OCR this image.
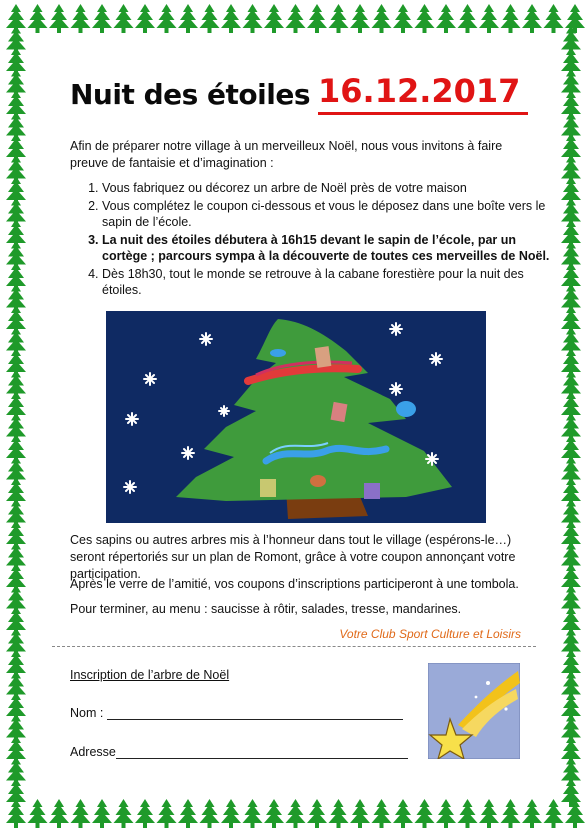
Nuit des étoiles 16.12.2017
Afin de préparer notre village à un merveilleux Noël, nous vous invitons à faire preuve de fantaisie et d’imagination :
1. Vous fabriquez ou décorez un arbre de Noël près de votre maison
2. Vous complétez le coupon ci-dessous et vous le déposez dans une boîte vers le sapin de l’école.
3. La nuit des étoiles débutera à 16h15 devant le sapin de l’école, par un cortège ; parcours sympa à la découverte de toutes ces merveilles de Noël.
4. Dès 18h30, tout le monde se retrouve à la cabane forestière pour la nuit des étoiles.
Ces sapins ou autres arbres mis à l’honneur dans tout le village (espérons-le…) seront répertoriés sur un plan de Romont, grâce à votre coupon annonçant votre participation.
Après le verre de l’amitié, vos coupons d’inscriptions participeront à une tombola.
Pour terminer, au menu : saucisse à rôtir, salades, tresse, mandarines.
Votre Club Sport Culture et Loisirs
Inscription de l’arbre de Noël
Nom :
Adresse
